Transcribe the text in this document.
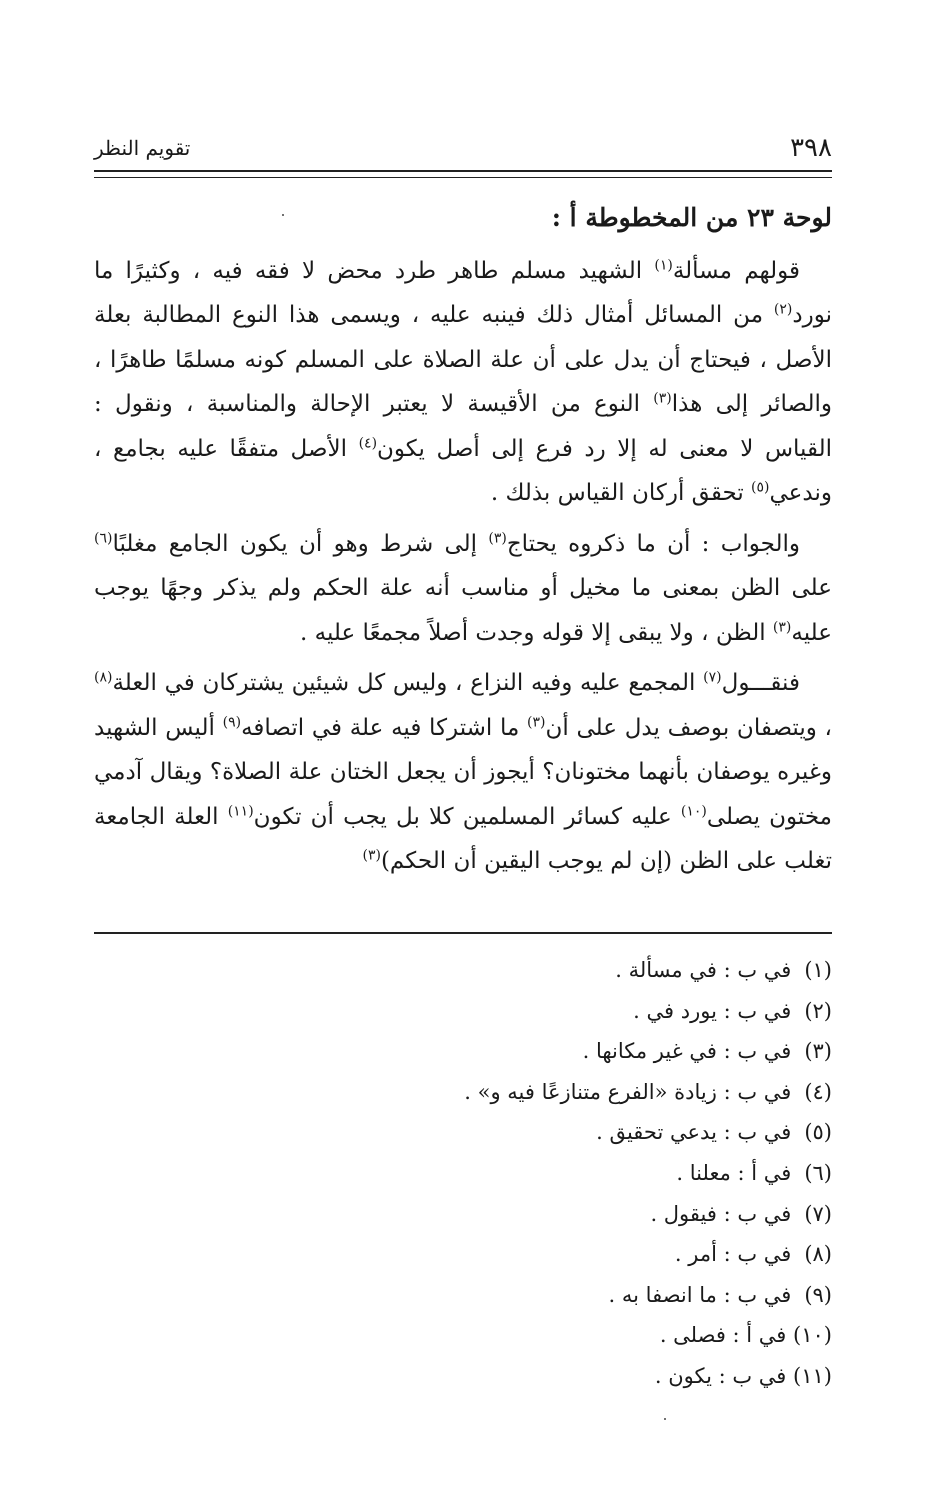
٣٩٨
تقويم النظر

لوحة ٢٣ من المخطوطة أ :

قولهم مسألة$^{(١)}$ الشهيد مسلم طاهر طرد محض لا فقه فيه ، وكثيرًا ما نورد$^{(٢)}$ من المسائل أمثال ذلك فينبه عليه ، ويسمى هذا النوع المطالبة بعلة الأصل ، فيحتاج أن يدل على أن علة الصلاة على المسلم كونه مسلمًا طاهرًا ، والصائر إلى هذا$^{(٣)}$ النوع من الأقيسة لا يعتبر الإحالة والمناسبة ، ونقول : القياس لا معنى له إلا رد فرع إلى أصل يكون$^{(٤)}$ الأصل متفقًا عليه بجامع ، وندعي$^{(٥)}$ تحقق أركان القياس بذلك .

والجواب : أن ما ذكروه يحتاج$^{(٣)}$ إلى شرط وهو أن يكون الجامع مغلبًا$^{(٦)}$ على الظن بمعنى ما مخيل أو مناسب أنه علة الحكم ولم يذكر وجهًا يوجب عليه$^{(٣)}$ الظن ، ولا يبقى إلا قوله وجدت أصلاً مجمعًا عليه .

فنقـــول$^{(٧)}$ المجمع عليه وفيه النزاع ، وليس كل شيئين يشتركان في العلة$^{(٨)}$ ، ويتصفان بوصف يدل على أن$^{(٣)}$ ما اشتركا فيه علة في اتصافه$^{(٩)}$ أليس الشهيد وغيره يوصفان بأنهما مختونان؟ أيجوز أن يجعل الختان علة الصلاة؟ ويقال آدمي مختون يصلى$^{(١٠)}$ عليه كسائر المسلمين كلا بل يجب أن تكون$^{(١١)}$ العلة الجامعة تغلب على الظن (إن لم يوجب اليقين أن الحكم)$^{(٣)}$

(١) في ب : في مسألة .
(٢) في ب : يورد في .
(٣) في ب : في غير مكانها .
(٤) في ب : زيادة «الفرع متنازعًا فيه و» .
(٥) في ب : يدعي تحقيق .
(٦) في أ : معلنا .
(٧) في ب : فيقول .
(٨) في ب : أمر .
(٩) في ب : ما انصفا به .
(١٠) في أ : فصلى .
(١١) في ب : يكون .
